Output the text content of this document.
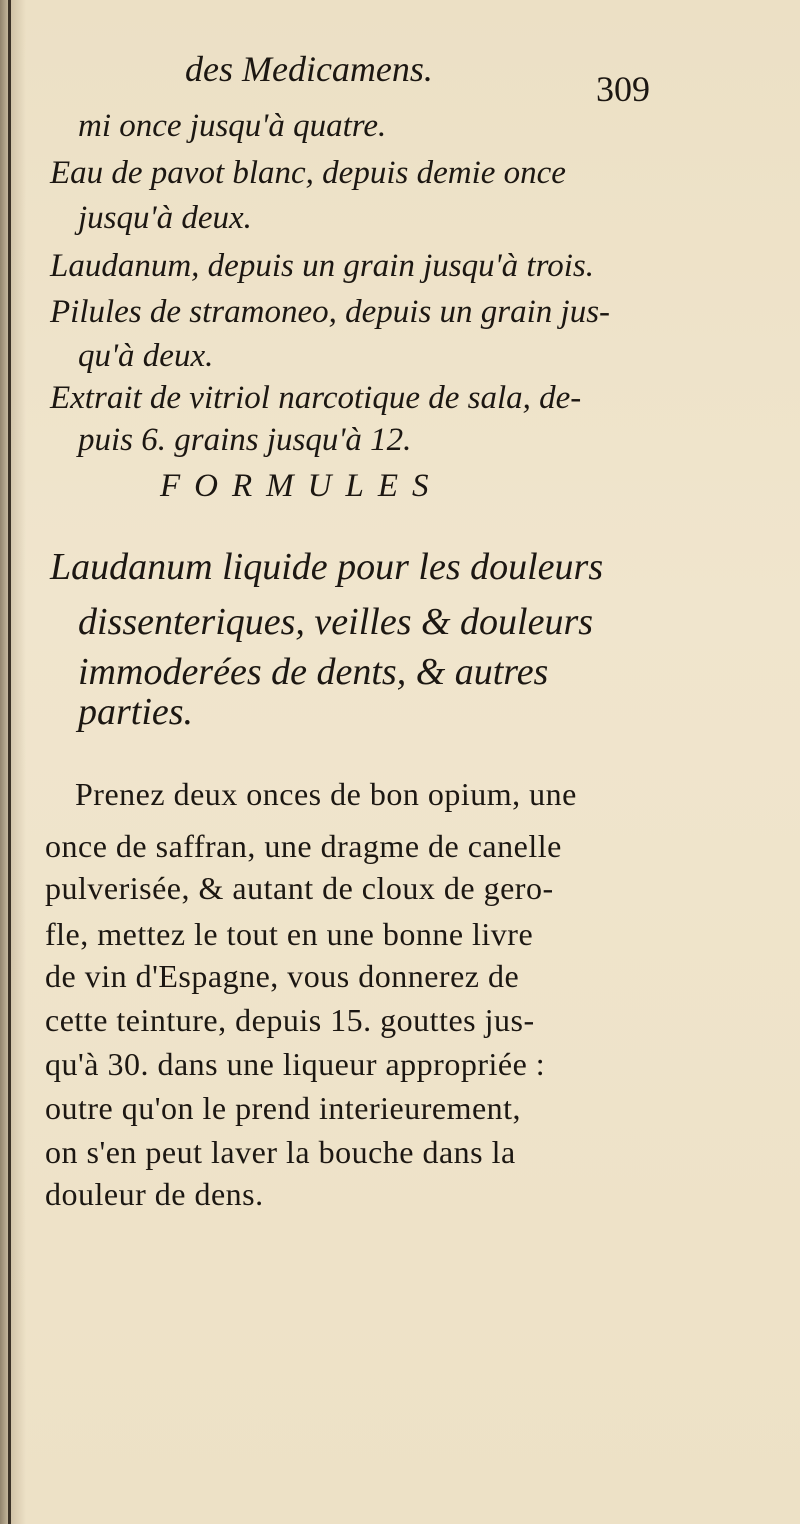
des Medicamens.	309
mi once jusqu'à quatre.
Eau de pavot blanc, depuis demie once
jusqu'à deux.
Laudanum, depuis un grain jusqu'à trois.
Pilules de stramoneo, depuis un grain jus-
qu'à deux.
Extrait de vitriol narcotique de sala, de-
puis 6. grains jusqu'à 12.
FORMULES
Laudanum liquide pour les douleurs
dissenteriques, veilles & douleurs
immoderées de dents, & autres
parties.
Prenez deux onces de bon opium, une
once de saffran, une dragme de canelle
pulverisée, & autant de cloux de gero-
fle, mettez le tout en une bonne livre
de vin d'Espagne, vous donnerez de
cette teinture, depuis 15. gouttes jus-
qu'à 30. dans une liqueur appropriée :
outre qu'on le prend interieurement,
on s'en peut laver la bouche dans la
douleur de dens.
